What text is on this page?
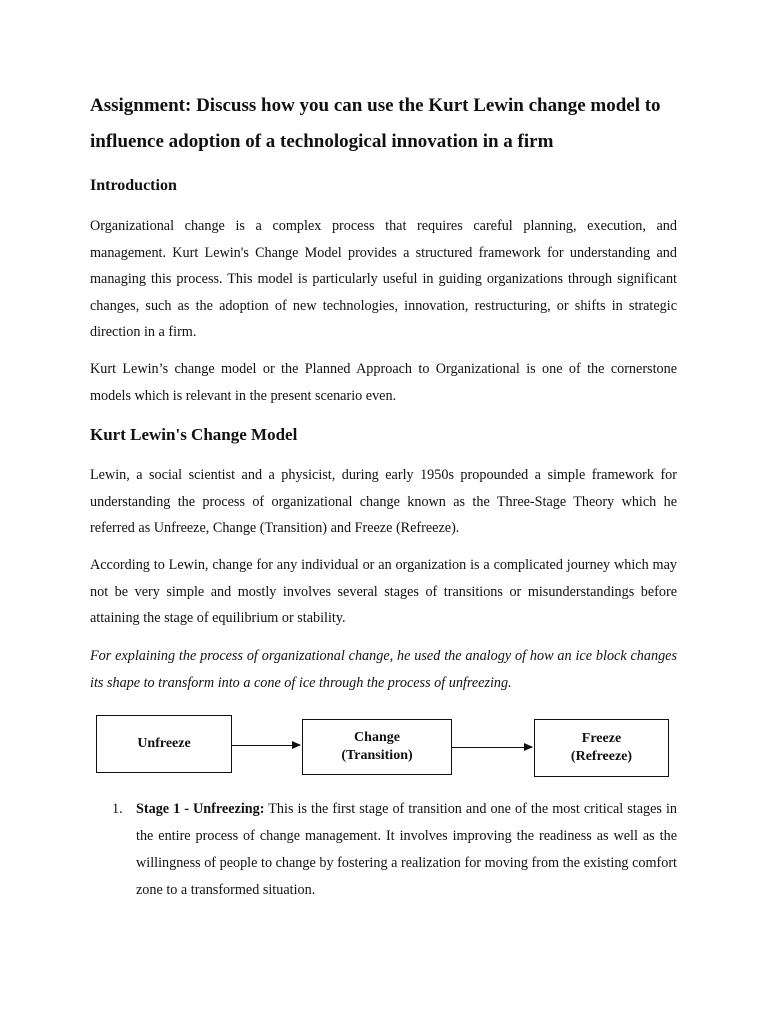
Assignment: Discuss how you can use the Kurt Lewin change model to influence adoption of a technological innovation in a firm
Introduction

Organizational change is a complex process that requires careful planning, execution, and management. Kurt Lewin's Change Model provides a structured framework for understanding and managing this process. This model is particularly useful in guiding organizations through significant changes, such as the adoption of new technologies, innovation, restructuring, or shifts in strategic direction in a firm.

Kurt Lewin’s change model or the Planned Approach to Organizational is one of the cornerstone models which is relevant in the present scenario even.

Kurt Lewin's Change Model

Lewin, a social scientist and a physicist, during early 1950s propounded a simple framework for understanding the process of organizational change known as the Three-Stage Theory which he referred as Unfreeze, Change (Transition) and Freeze (Refreeze).

According to Lewin, change for any individual or an organization is a complicated journey which may not be very simple and mostly involves several stages of transitions or misunderstandings before attaining the stage of equilibrium or stability.

For explaining the process of organizational change, he used the analogy of how an ice block changes its shape to transform into a cone of ice through the process of unfreezing.

Unfreeze	Change
(Transition)
Freeze
(Refreeze)
1. Stage 1 - Unfreezing: This is the first stage of transition and one of the most critical stages in the entire process of change management. It involves improving the readiness as well as the willingness of people to change by fostering a realization for moving from the existing comfort zone to a transformed situation.
